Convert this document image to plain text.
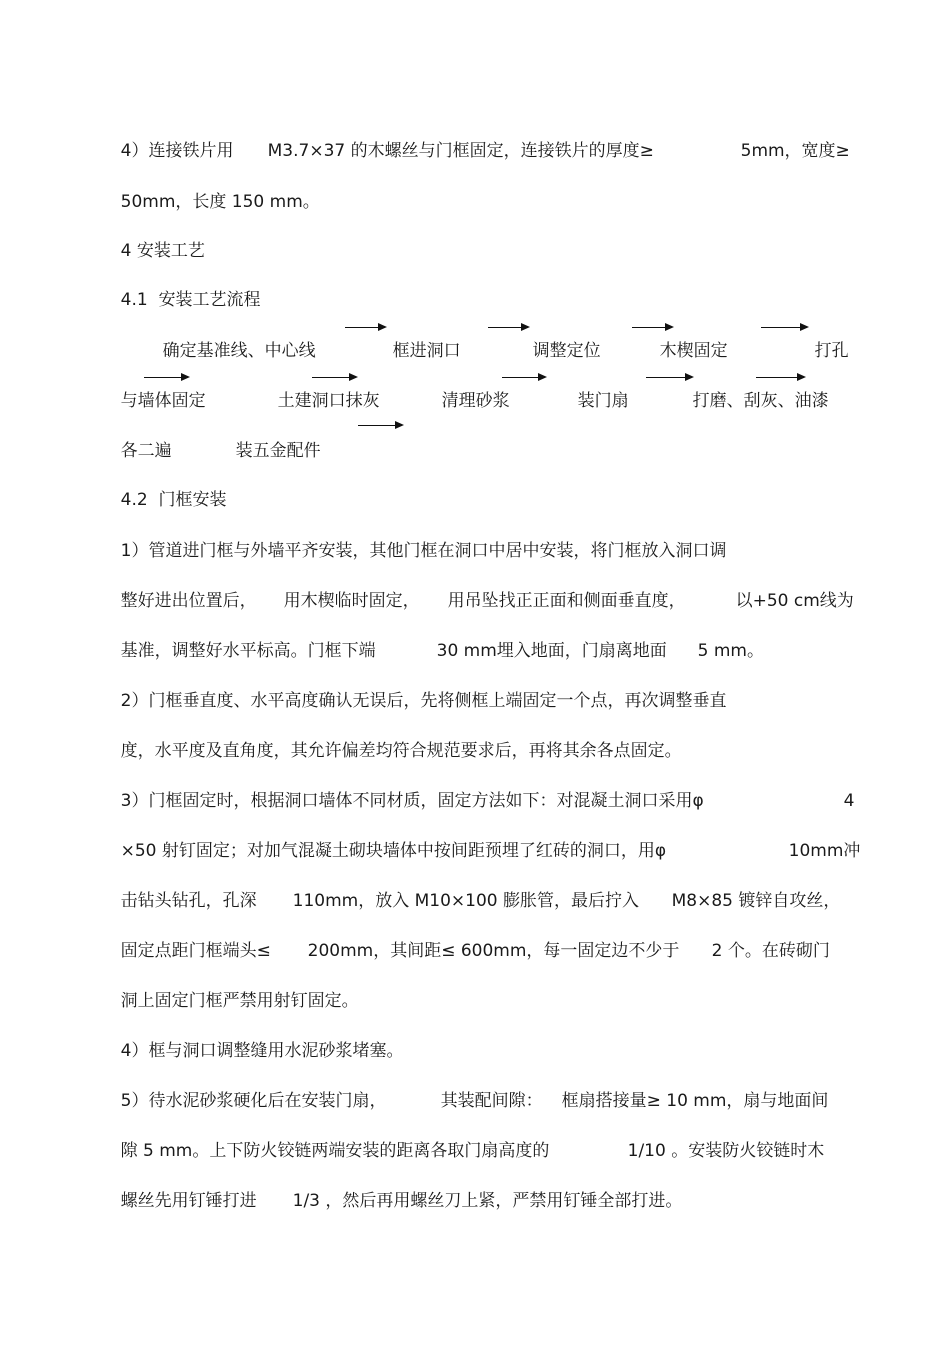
4）连接铁片用
	M3.7×37 的木螺丝与门框固定，连接铁片的厚度≥
	5mm，宽度≥

50mm，长度 150 mm。

4 安装工艺

4.1  安装工艺流程

确定基准线、中心线
	框进洞口
	调整定位
	木楔固定
	打孔

与墙体固定
	土建洞口抹灰
	清理砂浆
	装门扇
	打磨、刮灰、油漆

各二遍
	装五金配件

4.2  门框安装

1）管道进门框与外墙平齐安装，其他门框在洞口中居中安装，将门框放入洞口调

整好进出位置后，
	用木楔临时固定，
	用吊坠找正正面和侧面垂直度，
	以+50 cm线为

基准，调整好水平标高。门框下端
	30 mm埋入地面，门扇离地面
	5 mm。

2）门框垂直度、水平高度确认无误后，先将侧框上端固定一个点，再次调整垂直

度，水平度及直角度，其允许偏差均符合规范要求后，再将其余各点固定。

3）门框固定时，根据洞口墙体不同材质，固定方法如下：对混凝土洞口采用φ
	4

×50 射钉固定；对加气混凝土砌块墙体中按间距预埋了红砖的洞口，用φ
	10mm冲

击钻头钻孔，孔深
	110mm，放入 M10×100 膨胀管，最后拧入
	M8×85 镀锌自攻丝，

固定点距门框端头≤
	200mm，其间距≤ 600mm，每一固定边不少于
	2 个。在砖砌门

洞上固定门框严禁用射钉固定。

4）框与洞口调整缝用水泥砂浆堵塞。

5）待水泥砂浆硬化后在安装门扇，
	其装配间隙：
	框扇搭接量≥ 10 mm，扇与地面间

隙 5 mm。上下防火铰链两端安装的距离各取门扇高度的
	1/10 。安装防火铰链时木

螺丝先用钉锤打进
	1/3 ，然后再用螺丝刀上紧，严禁用钉锤全部打进。
